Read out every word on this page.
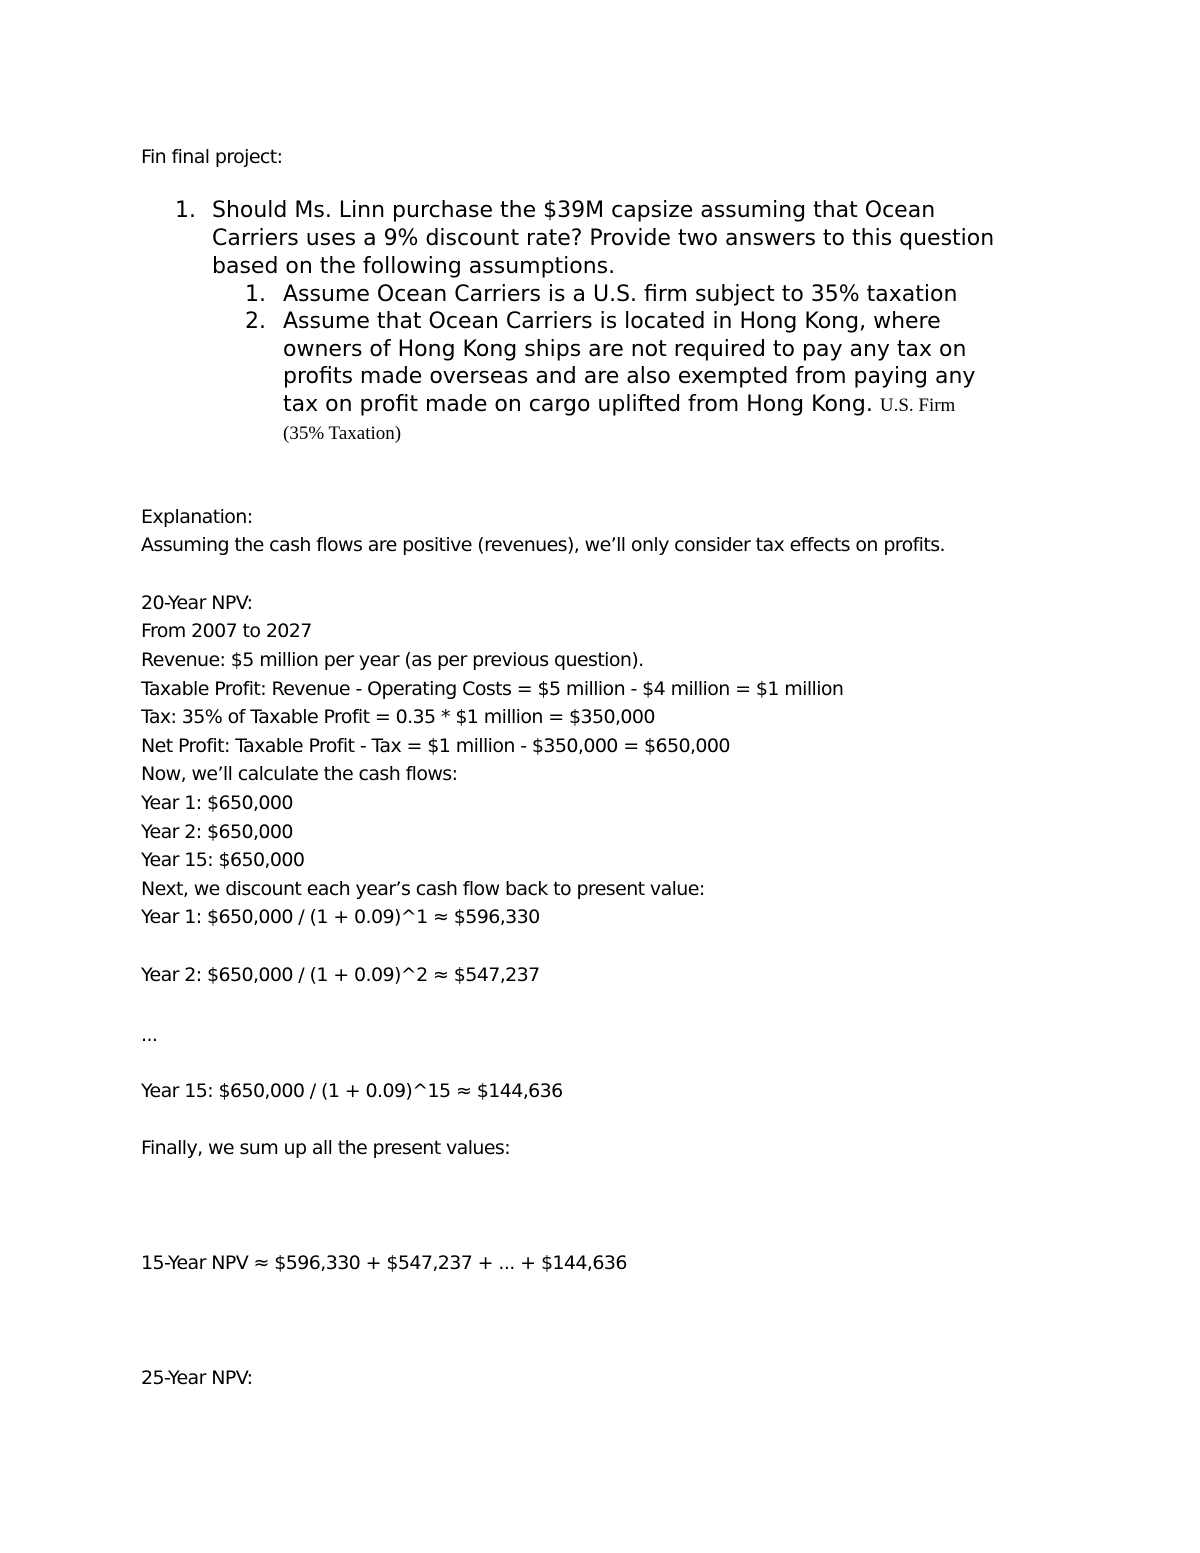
Fin final project:
1. Should Ms. Linn purchase the $39M capsize assuming that Ocean
Carriers uses a 9% discount rate? Provide two answers to this question
based on the following assumptions.
1. Assume Ocean Carriers is a U.S. firm subject to 35% taxation
2. Assume that Ocean Carriers is located in Hong Kong, where
owners of Hong Kong ships are not required to pay any tax on
profits made overseas and are also exempted from paying any
tax on profit made on cargo uplifted from Hong Kong. U.S. Firm
(35% Taxation)
Explanation:
Assuming the cash flows are positive (revenues), we’ll only consider tax effects on profits.
20-Year NPV:
From 2007 to 2027
Revenue: $5 million per year (as per previous question).
Taxable Profit: Revenue - Operating Costs = $5 million - $4 million = $1 million
Tax: 35% of Taxable Profit = 0.35 * $1 million = $350,000
Net Profit: Taxable Profit - Tax = $1 million - $350,000 = $650,000
Now, we’ll calculate the cash flows:
Year 1: $650,000
Year 2: $650,000
Year 15: $650,000
Next, we discount each year’s cash flow back to present value:
Year 1: $650,000 / (1 + 0.09)^1 ≈ $596,330
Year 2: $650,000 / (1 + 0.09)^2 ≈ $547,237
...
Year 15: $650,000 / (1 + 0.09)^15 ≈ $144,636
Finally, we sum up all the present values:
15-Year NPV ≈ $596,330 + $547,237 + ... + $144,636
25-Year NPV:
